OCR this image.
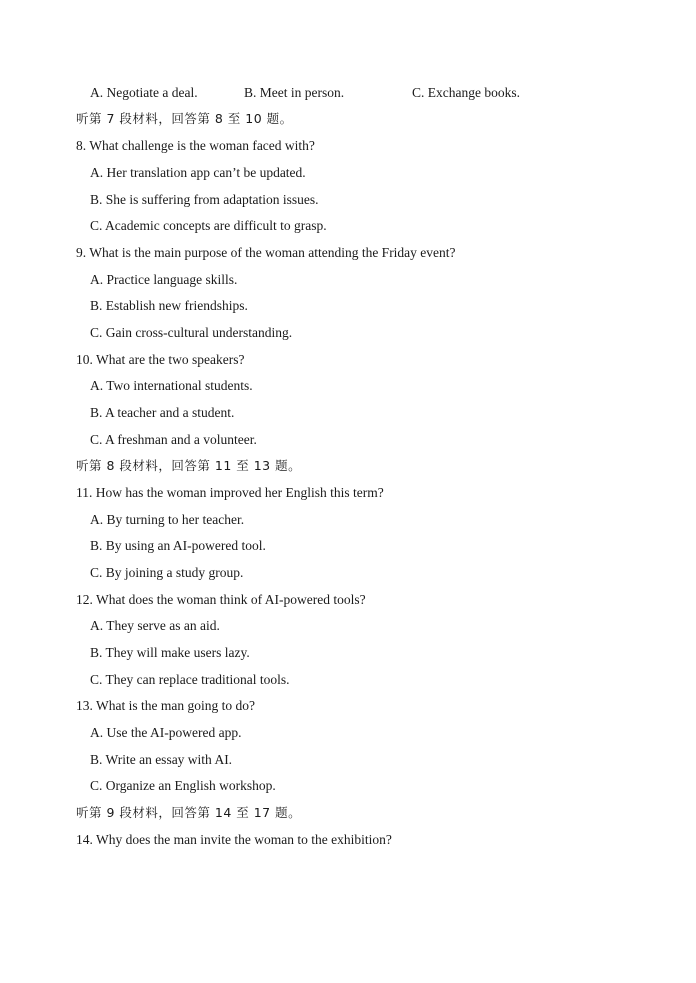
A. Negotiate a deal.	B. Meet in person.	C. Exchange books.
听第 7 段材料，回答第 8 至 10 题。
8. What challenge is the woman faced with?
A. Her translation app can’t be updated.
B. She is suffering from adaptation issues.
C. Academic concepts are difficult to grasp.
9. What is the main purpose of the woman attending the Friday event?
A. Practice language skills.
B. Establish new friendships.
C. Gain cross-cultural understanding.
10. What are the two speakers?
A. Two international students.
B. A teacher and a student.
C. A freshman and a volunteer.
听第 8 段材料，回答第 11 至 13 题。
11. How has the woman improved her English this term?
A. By turning to her teacher.
B. By using an AI-powered tool.
C. By joining a study group.
12. What does the woman think of AI-powered tools?
A. They serve as an aid.
B. They will make users lazy.
C. They can replace traditional tools.
13. What is the man going to do?
A. Use the AI-powered app.
B. Write an essay with AI.
C. Organize an English workshop.
听第 9 段材料，回答第 14 至 17 题。
14. Why does the man invite the woman to the exhibition?
